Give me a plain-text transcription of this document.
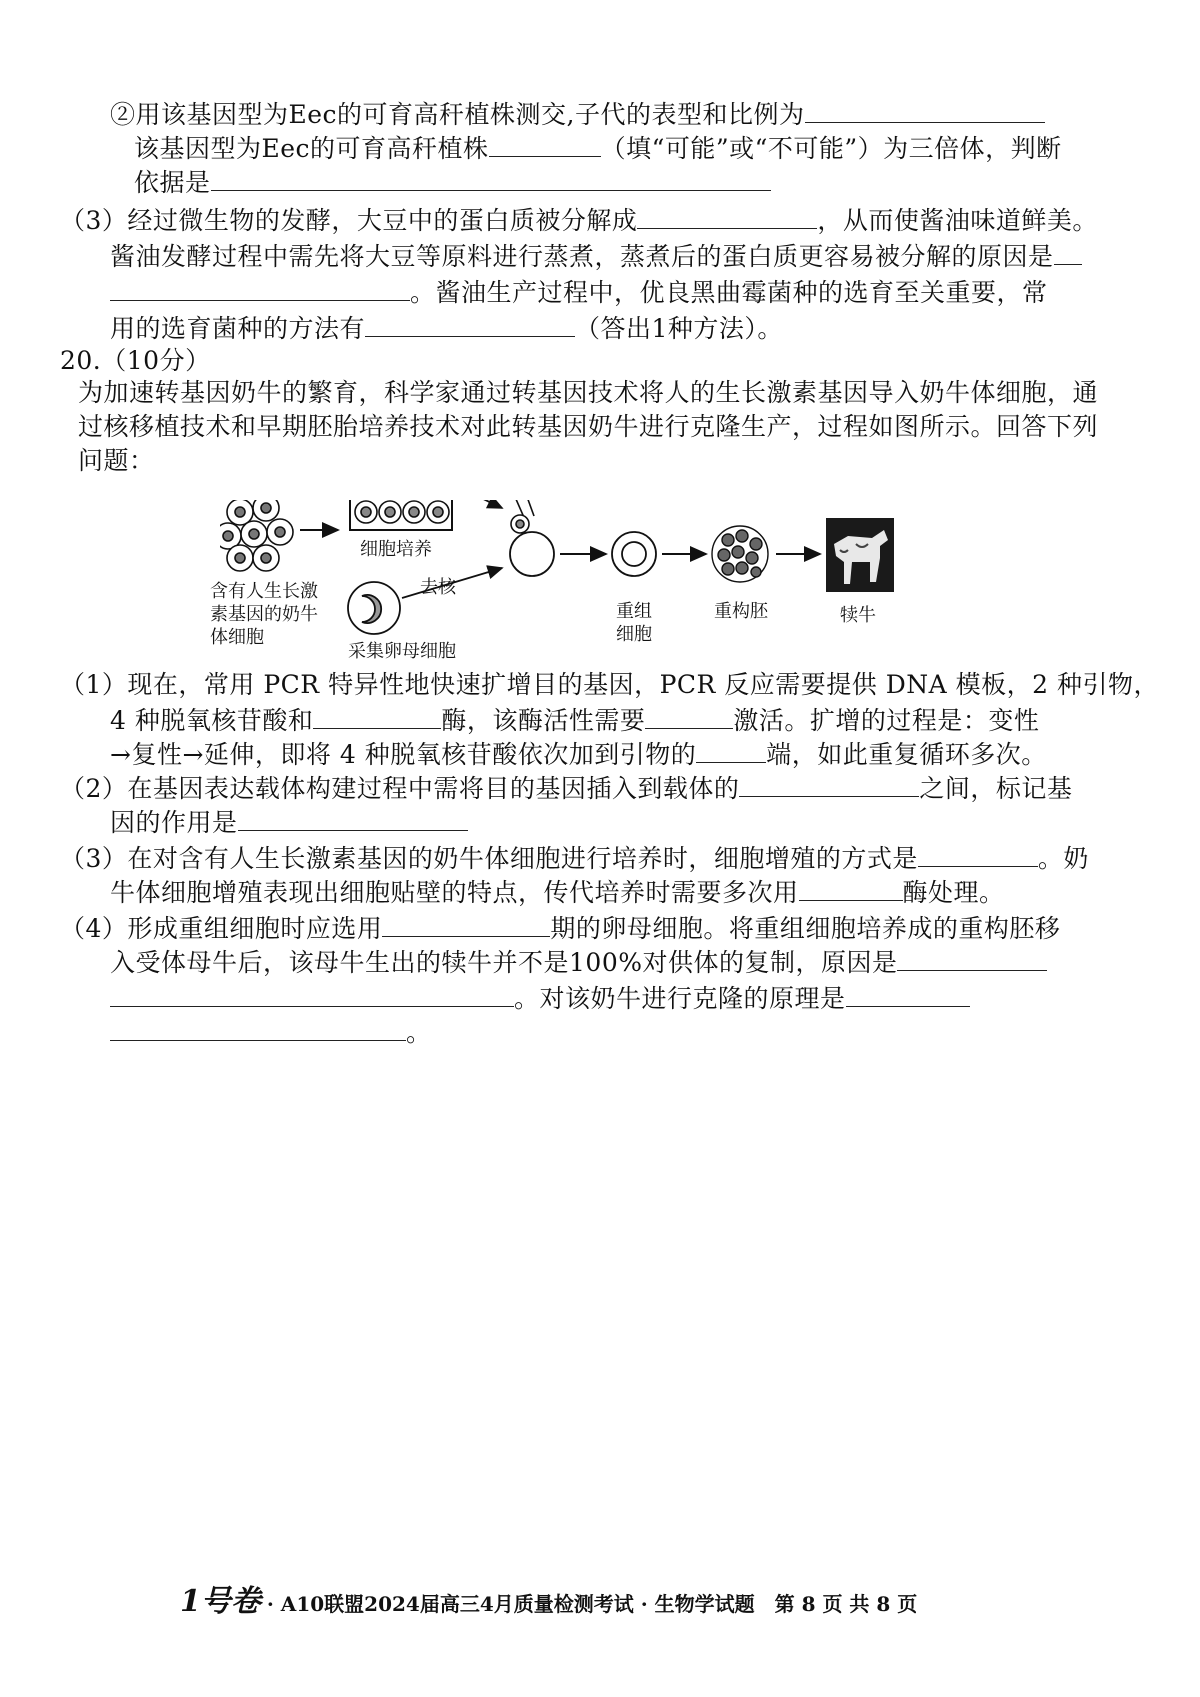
②用该基因型为Eec的可育高秆植株测交,子代的表型和比例为
该基因型为Eec的可育高秆植株	（填“可能”或“不可能”）为三倍体，判断
依据是
（3）经过微生物的发酵，大豆中的蛋白质被分解成	，从而使酱油味道鲜美。
酱油发酵过程中需先将大豆等原料进行蒸煮，蒸煮后的蛋白质更容易被分解的原因是
。酱油生产过程中，优良黑曲霉菌种的选育至关重要，常
用的选育菌种的方法有	（答出1种方法）。
20.（10分）
为加速转基因奶牛的繁育，科学家通过转基因技术将人的生长激素基因导入奶牛体细胞，通
过核移植技术和早期胚胎培养技术对此转基因奶牛进行克隆生产，过程如图所示。回答下列
问题：
细胞培养
含有人生长激
素基因的奶牛
体细胞
去核
采集卵母细胞
重组
细胞
重构胚	犊牛
（1）现在，常用 PCR 特异性地快速扩增目的基因，PCR 反应需要提供 DNA 模板，2 种引物，
4 种脱氧核苷酸和	酶，该酶活性需要	激活。扩增的过程是：变性
→复性→延伸，即将 4 种脱氧核苷酸依次加到引物的	端，如此重复循环多次。
（2）在基因表达载体构建过程中需将目的基因插入到载体的	之间，标记基
因的作用是
（3）在对含有人生长激素基因的奶牛体细胞进行培养时，细胞增殖的方式是	。奶
牛体细胞增殖表现出细胞贴壁的特点，传代培养时需要多次用	酶处理。
（4）形成重组细胞时应选用	期的卵母细胞。将重组细胞培养成的重构胚移
入受体母牛后，该母牛生出的犊牛并不是100%对供体的复制，原因是
。对该奶牛进行克隆的原理是
。
1号卷 · A10联盟2024届高三4月质量检测考试 · 生物学试题　第 8 页 共 8 页
